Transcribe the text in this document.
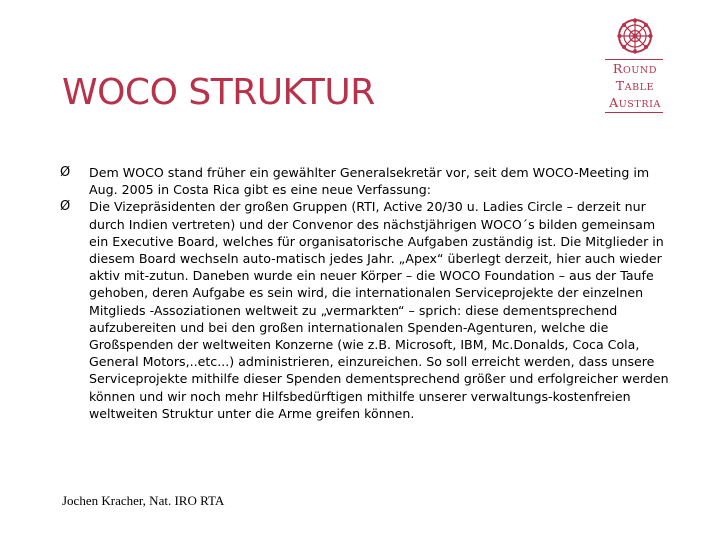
WOCO STRUKTUR
ROUND
TABLE
AUSTRIA
Ø Dem WOCO stand früher ein gewählter Generalsekretär vor, seit dem WOCO-Meeting im Aug. 2005 in Costa Rica gibt es eine neue Verfassung:
Ø Die Vizepräsidenten der großen Gruppen (RTI, Active 20/30 u. Ladies Circle – derzeit nur durch Indien vertreten) und der Convenor des nächstjährigen WOCO´s bilden gemeinsam ein Executive Board, welches für organisatorische Aufgaben zuständig ist. Die Mitglieder in diesem Board wechseln auto-matisch jedes Jahr. „Apex“ überlegt derzeit, hier auch wieder aktiv mit-zutun. Daneben wurde ein neuer Körper – die WOCO Foundation – aus der Taufe gehoben, deren Aufgabe es sein wird, die internationalen Serviceprojekte der einzelnen Mitglieds -Assoziationen weltweit zu „vermarkten“ – sprich: diese dementsprechend aufzubereiten und bei den großen internationalen Spenden-Agenturen, welche die Großspenden der weltweiten Konzerne (wie z.B. Microsoft, IBM, Mc.Donalds, Coca Cola, General Motors,..etc...) administrieren, einzureichen. So soll erreicht werden, dass unsere Serviceprojekte mithilfe dieser Spenden dementsprechend größer und erfolgreicher werden können und wir noch mehr Hilfsbedürftigen mithilfe unserer verwaltungs-kostenfreien weltweiten Struktur unter die Arme greifen können.
Jochen Kracher, Nat. IRO RTA
